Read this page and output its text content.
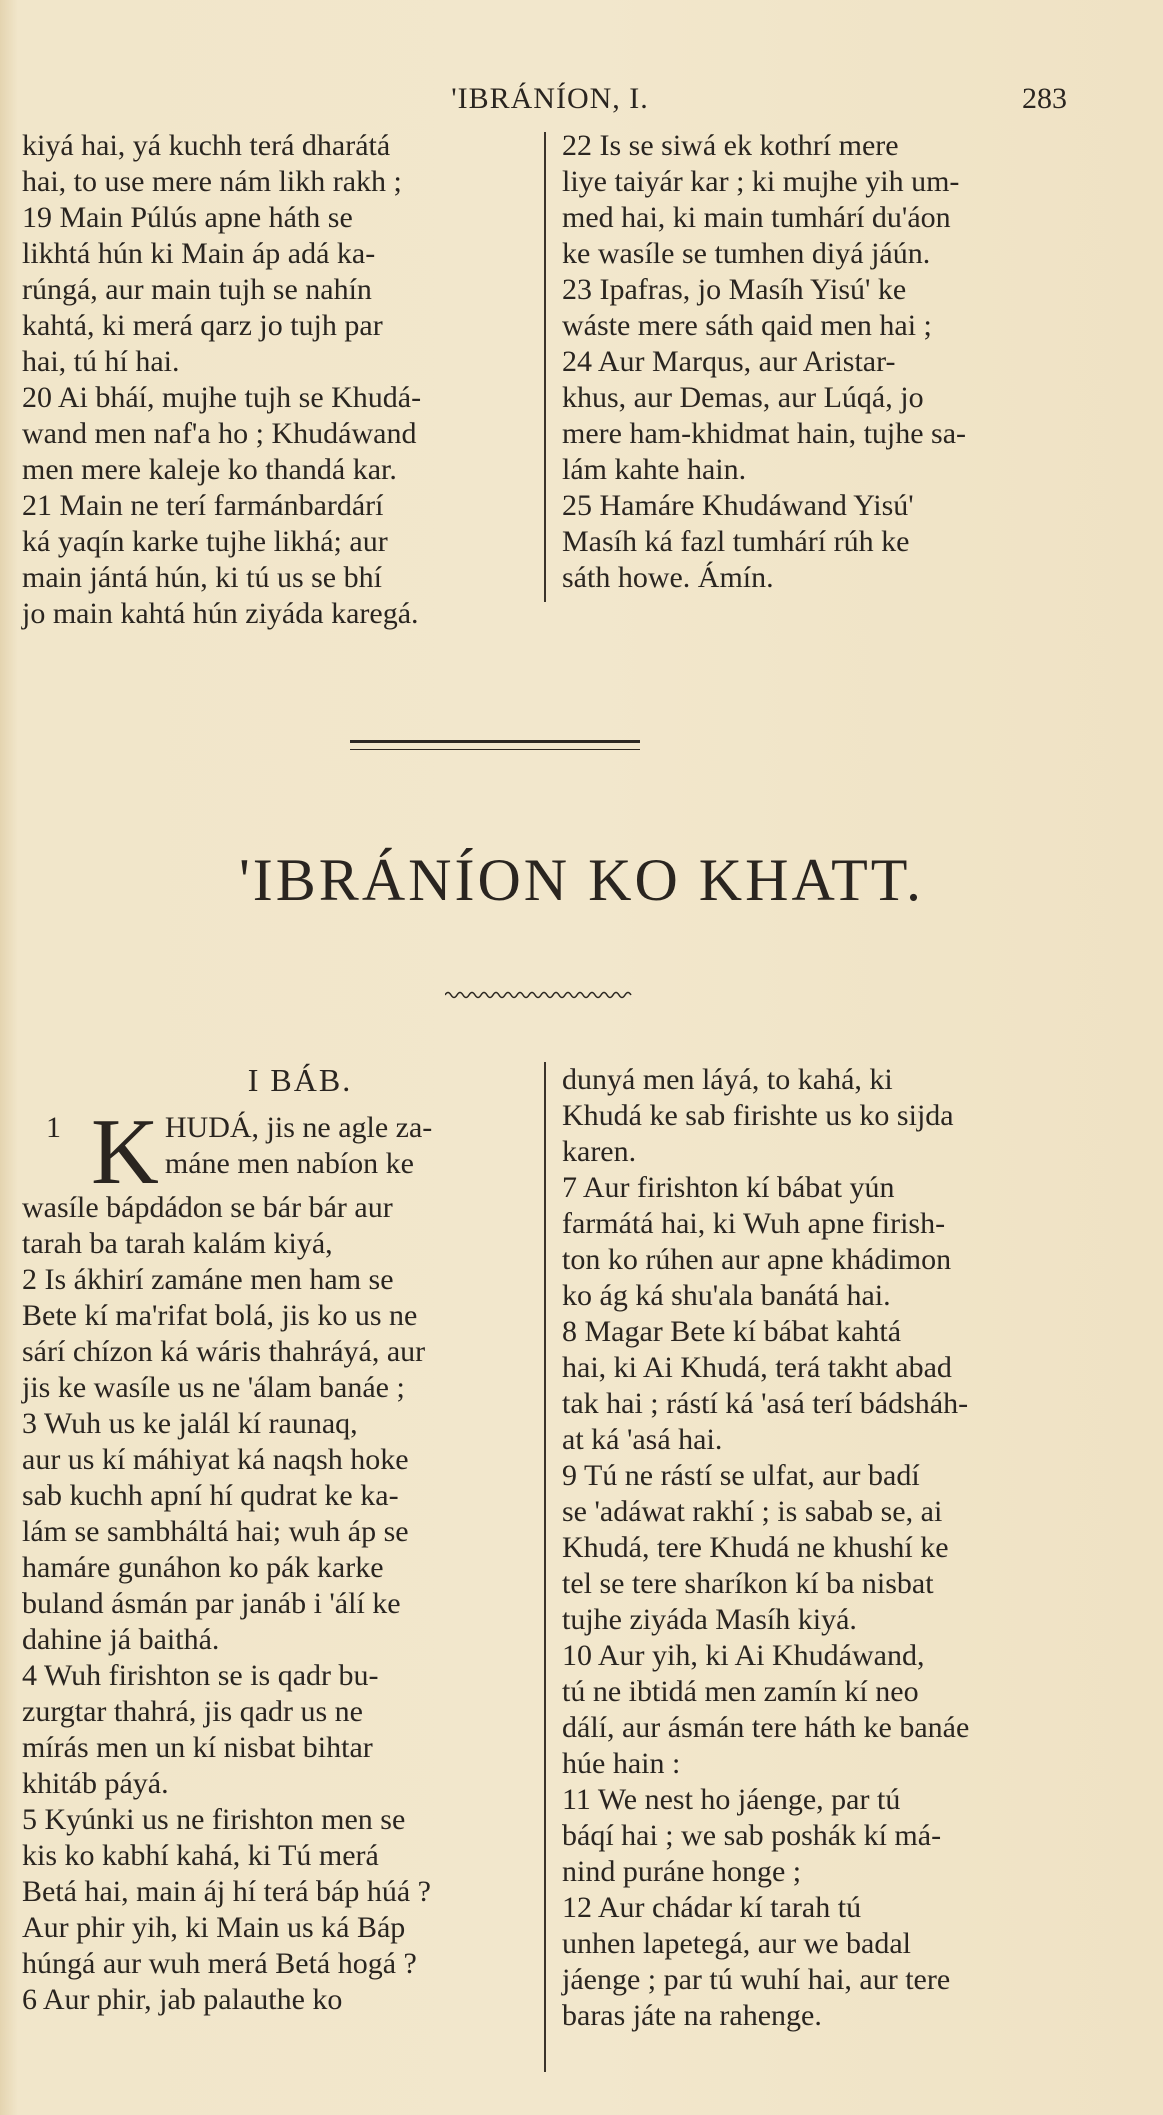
'IBRÁNÍON, I.	283

kiyá hai, yá kuchh terá dharátá

hai, to use mere nám likh rakh ;

19 Main Púlús apne háth se

likhtá hún ki Main áp adá ka-

rúngá, aur main tujh se nahín

kahtá, ki merá qarz jo tujh par

hai, tú hí hai.

20 Ai bháí, mujhe tujh se Khudá-

wand men naf'a ho ; Khudáwand

men mere kaleje ko thandá kar.

21 Main ne terí farmánbardárí

ká yaqín karke tujhe likhá; aur

main jántá hún, ki tú us se bhí

jo main kahtá hún ziyáda karegá.

22 Is se siwá ek kothrí mere

liye taiyár kar ; ki mujhe yih um-

med hai, ki main tumhárí du'áon

ke wasíle se tumhen diyá jáún.

23 Ipafras, jo Masíh Yisú' ke

wáste mere sáth qaid men hai ;

24 Aur Marqus, aur Aristar-

khus, aur Demas, aur Lúqá, jo

mere ham-khidmat hain, tujhe sa-

lám kahte hain.

25 Hamáre Khudáwand Yisú'

Masíh ká fazl tumhárí rúh ke

sáth howe. Ámín.

'IBRÁNÍON KO KHATT.
I BÁB.
1 K HUDÁ, jis ne agle za-

máne men nabíon ke

wasíle bápdádon se bár bár aur

tarah ba tarah kalám kiyá,

2 Is ákhirí zamáne men ham se

Bete kí ma'rifat bolá, jis ko us ne

sárí chízon ká wáris thahráyá, aur

jis ke wasíle us ne 'álam banáe ;

3 Wuh us ke jalál kí raunaq,

aur us kí máhiyat ká naqsh hoke

sab kuchh apní hí qudrat ke ka-

lám se sambháltá hai; wuh áp se

hamáre gunáhon ko pák karke

buland ásmán par janáb i 'álí ke

dahine já baithá.

4 Wuh firishton se is qadr bu-

zurgtar thahrá, jis qadr us ne

mírás men un kí nisbat bihtar

khitáb páyá.

5 Kyúnki us ne firishton men se

kis ko kabhí kahá, ki Tú merá

Betá hai, main áj hí terá báp húá ?

Aur phir yih, ki Main us ká Báp

húngá aur wuh merá Betá hogá ?

6 Aur phir, jab palauthe ko

dunyá men láyá, to kahá, ki

Khudá ke sab firishte us ko sijda

karen.

7 Aur firishton kí bábat yún

farmátá hai, ki Wuh apne firish-

ton ko rúhen aur apne khádimon

ko ág ká shu'ala banátá hai.

8 Magar Bete kí bábat kahtá

hai, ki Ai Khudá, terá takht abad

tak hai ; rástí ká 'asá terí bádsháh-

at ká 'asá hai.

9 Tú ne rástí se ulfat, aur badí

se 'adáwat rakhí ; is sabab se, ai

Khudá, tere Khudá ne khushí ke

tel se tere sharíkon kí ba nisbat

tujhe ziyáda Masíh kiyá.

10 Aur yih, ki Ai Khudáwand,

tú ne ibtidá men zamín kí neo

dálí, aur ásmán tere háth ke banáe

húe hain :

11 We nest ho jáenge, par tú

báqí hai ; we sab poshák kí má-

nind puráne honge ;

12 Aur chádar kí tarah tú

unhen lapetegá, aur we badal

jáenge ; par tú wuhí hai, aur tere

baras játe na rahenge.
